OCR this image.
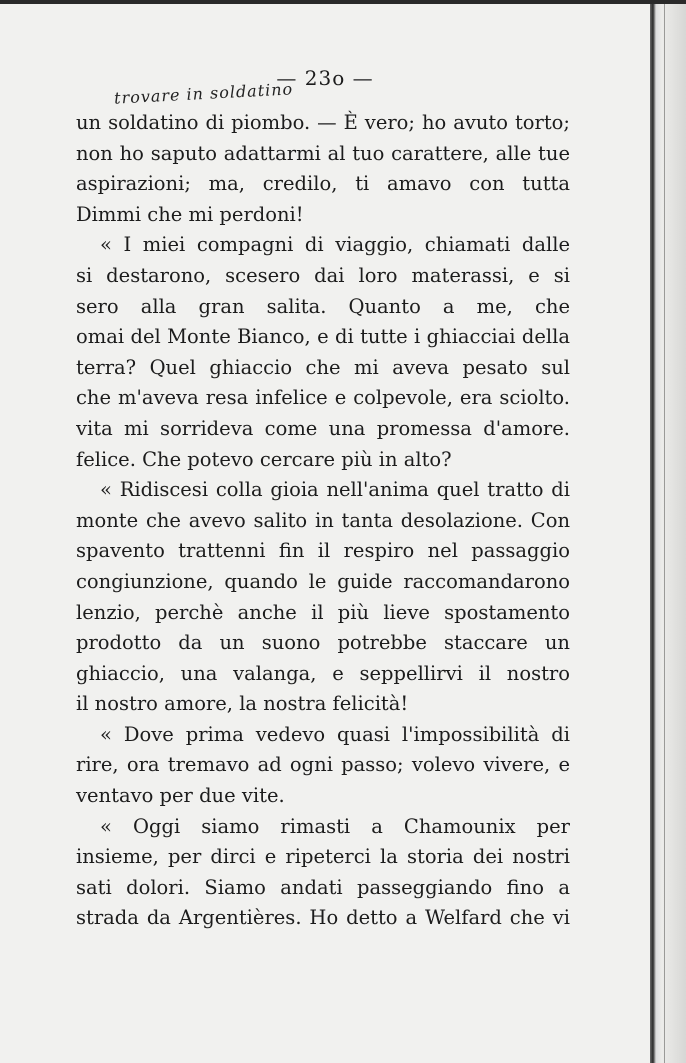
— 23o —
trovare in soldatino
un soldatino di piombo. — È vero; ho avuto torto;
non ho saputo adattarmi al tuo carattere, alle tue
aspirazioni; ma, credilo, ti amavo con tutta
Dimmi che mi perdoni!
« I miei compagni di viaggio, chiamati dalle
si destarono, scesero dai loro materassi, e si
sero alla gran salita. Quanto a me, che
omai del Monte Bianco, e di tutte i ghiacciai della
terra? Quel ghiaccio che mi aveva pesato sul
che m'aveva resa infelice e colpevole, era sciolto.
vita mi sorrideva come una promessa d'amore.
felice. Che potevo cercare più in alto?
« Ridiscesi colla gioia nell'anima quel tratto di
monte che avevo salito in tanta desolazione. Con
spavento trattenni fin il respiro nel passaggio
congiunzione, quando le guide raccomandarono
lenzio, perchè anche il più lieve spostamento
prodotto da un suono potrebbe staccare un
ghiaccio, una valanga, e seppellirvi il nostro
il nostro amore, la nostra felicità!
« Dove prima vedevo quasi l'impossibilità di
rire, ora tremavo ad ogni passo; volevo vivere, e
ventavo per due vite.
« Oggi siamo rimasti a Chamounix per
insieme, per dirci e ripeterci la storia dei nostri
sati dolori. Siamo andati passeggiando fino a
strada da Argentières. Ho detto a Welfard che vi
